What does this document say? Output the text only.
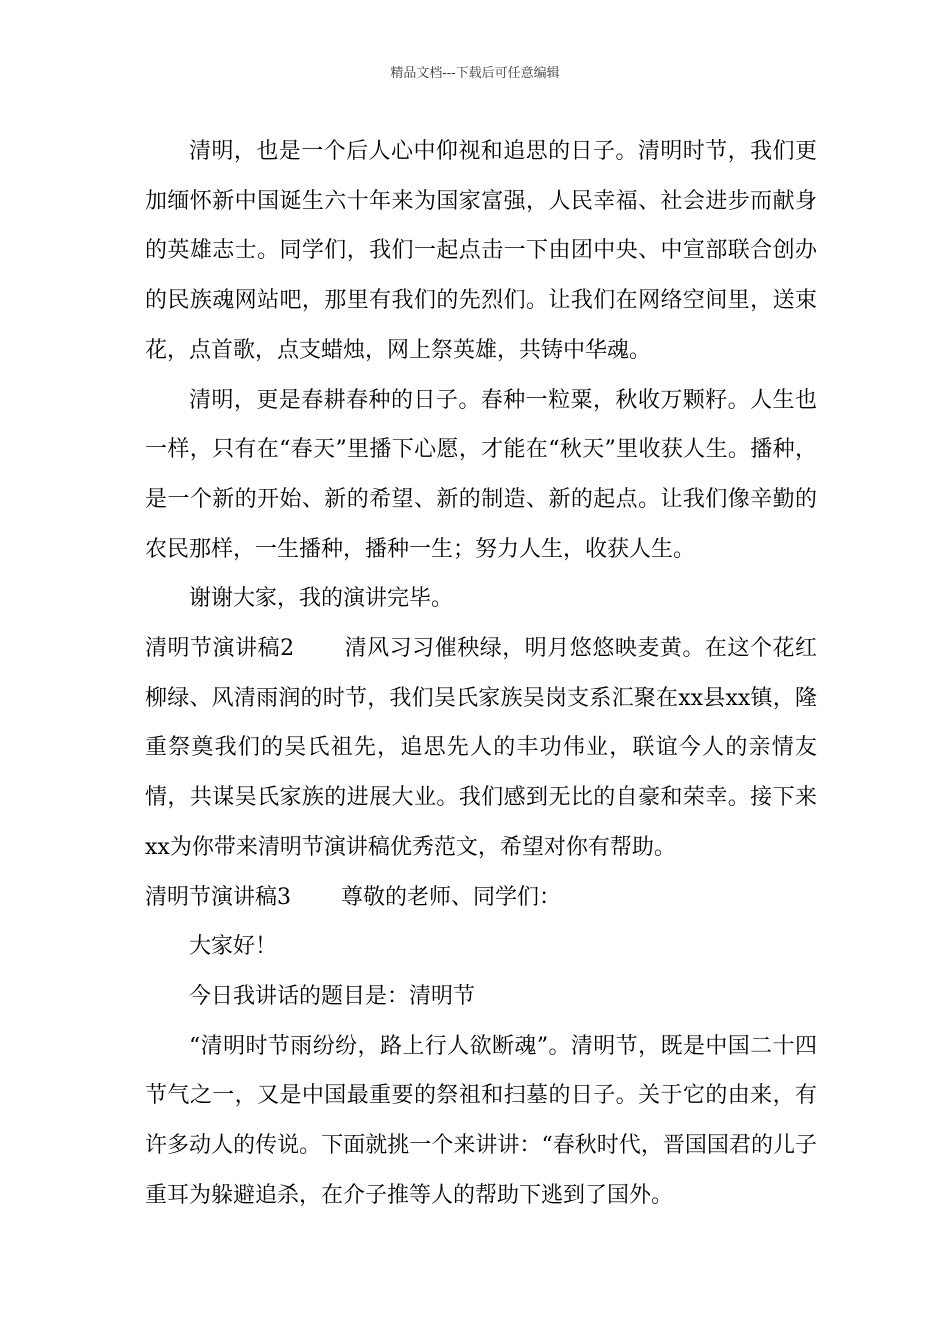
精品文档---下载后可任意编辑

清明，也是一个后人心中仰视和追思的日子。清明时节，我们更加缅怀新中国诞生六十年来为国家富强，人民幸福、社会进步而献身的英雄志士。同学们，我们一起点击一下由团中央、中宣部联合创办的民族魂网站吧，那里有我们的先烈们。让我们在网络空间里，送束花，点首歌，点支蜡烛，网上祭英雄，共铸中华魂。

清明，更是春耕春种的日子。春种一粒粟，秋收万颗籽。人生也一样，只有在“春天”里播下心愿，才能在“秋天”里收获人生。播种，是一个新的开始、新的希望、新的制造、新的起点。让我们像辛勤的农民那样，一生播种，播种一生；努力人生，收获人生。

谢谢大家，我的演讲完毕。

清明节演讲稿2 清风习习催秧绿，明月悠悠映麦黄。在这个花红柳绿、风清雨润的时节，我们吴氏家族吴岗支系汇聚在xx县xx镇，隆重祭奠我们的吴氏祖先，追思先人的丰功伟业，联谊今人的亲情友情，共谋吴氏家族的进展大业。我们感到无比的自豪和荣幸。接下来xx为你带来清明节演讲稿优秀范文，希望对你有帮助。

清明节演讲稿3 尊敬的老师、同学们：

大家好！

今日我讲话的题目是：清明节

“清明时节雨纷纷，路上行人欲断魂”。清明节，既是中国二十四节气之一，又是中国最重要的祭祖和扫墓的日子。关于它的由来，有许多动人的传说。下面就挑一个来讲讲：“春秋时代，晋国国君的儿子重耳为躲避追杀，在介子推等人的帮助下逃到了国外。
